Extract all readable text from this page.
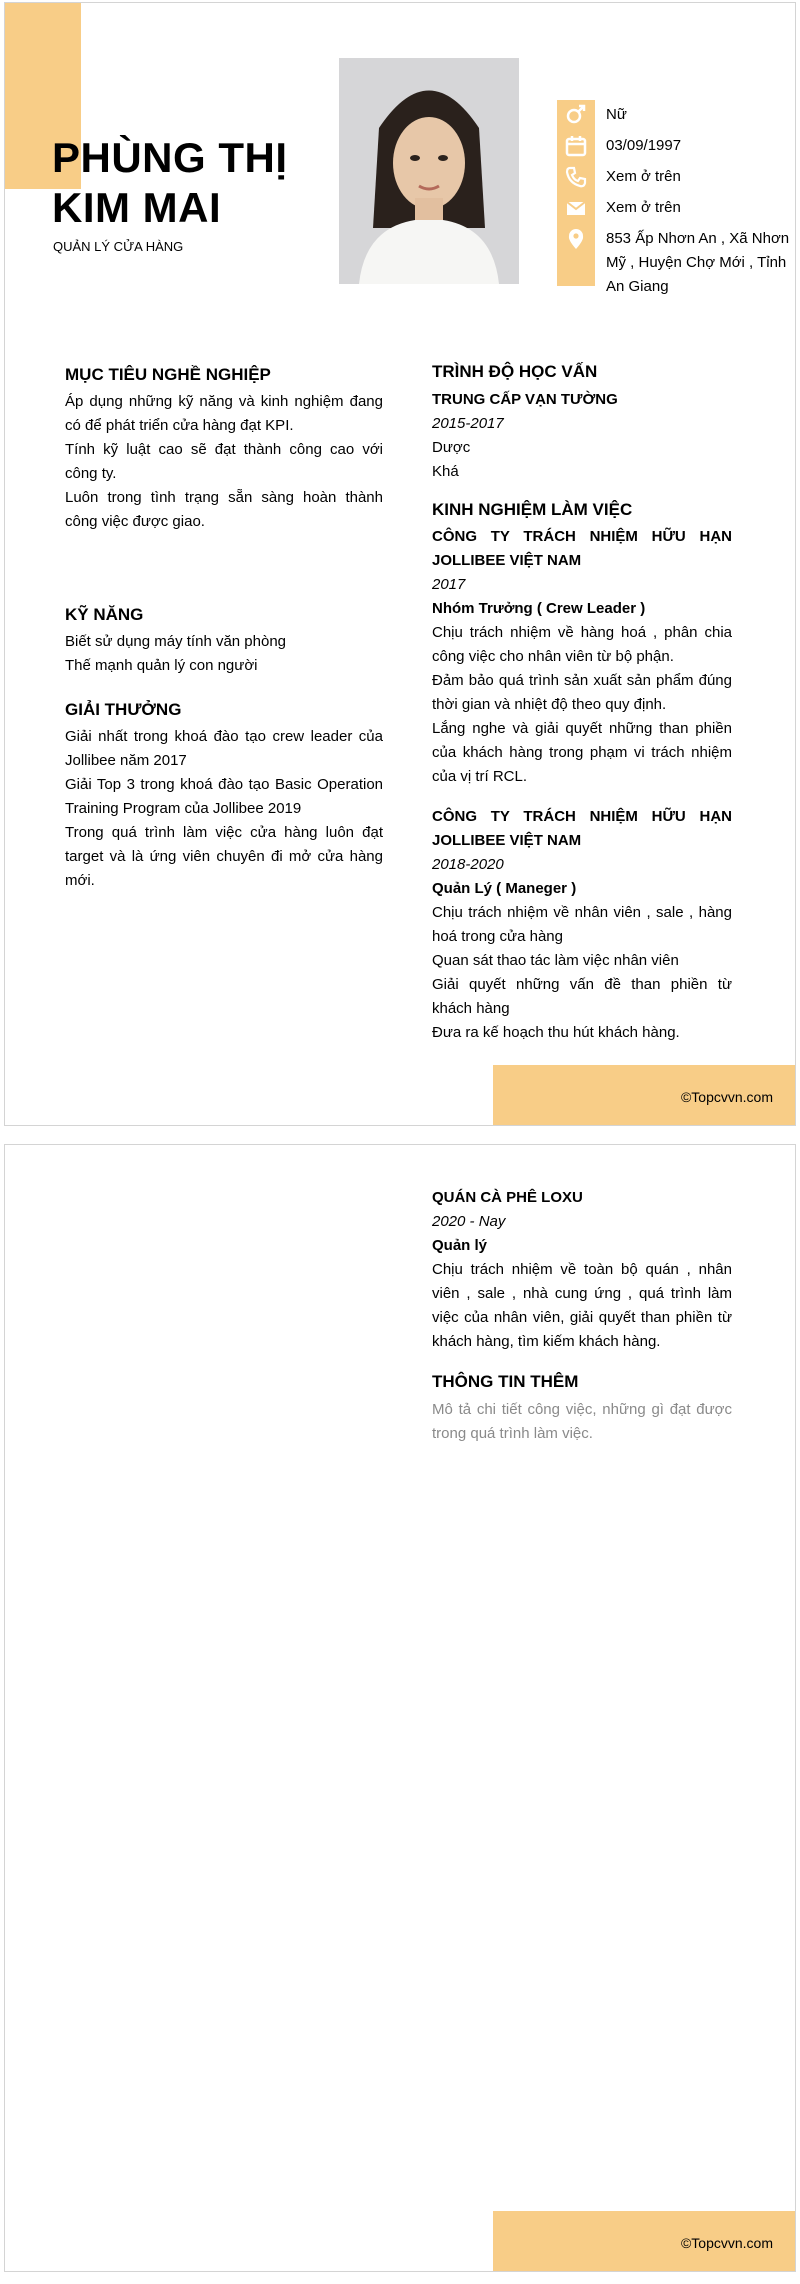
PHÙNG THỊ
KIM MAI
QUẢN LÝ CỬA HÀNG
Nữ
03/09/1997
Xem ở trên
Xem ở trên
853 Ấp Nhơn An , Xã Nhơn Mỹ , Huyện Chợ Mới , Tỉnh An Giang
MỤC TIÊU NGHỀ NGHIỆP

Áp dụng những kỹ năng và kinh nghiệm đang có để phát triển cửa hàng đạt KPI.

Tính kỹ luật cao sẽ đạt thành công cao với công ty.

Luôn trong tình trạng sẵn sàng hoàn thành công việc được giao.

KỸ NĂNG

Biết sử dụng máy tính văn phòng

Thế mạnh quản lý con người

GIẢI THƯỞNG

Giải nhất trong khoá đào tạo crew leader của Jollibee năm 2017

Giải Top 3 trong khoá đào tạo Basic Operation Training Program của Jollibee 2019

Trong quá trình làm việc cửa hàng luôn đạt target và là ứng viên chuyên đi mở cửa hàng mới.

TRÌNH ĐỘ HỌC VẤN

TRUNG CẤP VẠN TƯỜNG

2015-2017

Dược

Khá

KINH NGHIỆM LÀM VIỆC

CÔNG TY TRÁCH NHIỆM HỮU HẠN JOLLIBEE VIỆT NAM

2017

Nhóm Trưởng ( Crew Leader )

Chịu trách nhiệm về hàng hoá , phân chia công việc cho nhân viên từ bộ phận.

Đảm bảo quá trình sản xuất sản phẩm đúng thời gian và nhiệt độ theo quy định.

Lắng nghe và giải quyết những than phiền của khách hàng trong phạm vi trách nhiệm của vị trí RCL.

CÔNG TY TRÁCH NHIỆM HỮU HẠN JOLLIBEE VIỆT NAM

2018-2020

Quản Lý ( Maneger )

Chịu trách nhiệm về nhân viên , sale , hàng hoá trong cửa hàng

Quan sát thao tác làm việc nhân viên

Giải quyết những vấn đề than phiền từ khách hàng

Đưa ra kế hoạch thu hút khách hàng.

©Topcvvn.com

QUÁN CÀ PHÊ LOXU

2020 - Nay

Quản lý

Chịu trách nhiệm về toàn bộ quán , nhân viên , sale , nhà cung ứng , quá trình làm việc của nhân viên, giải quyết than phiền từ khách hàng, tìm kiếm khách hàng.

THÔNG TIN THÊM
Mô tả chi tiết công việc, những gì đạt được trong quá trình làm việc.
©Topcvvn.com
